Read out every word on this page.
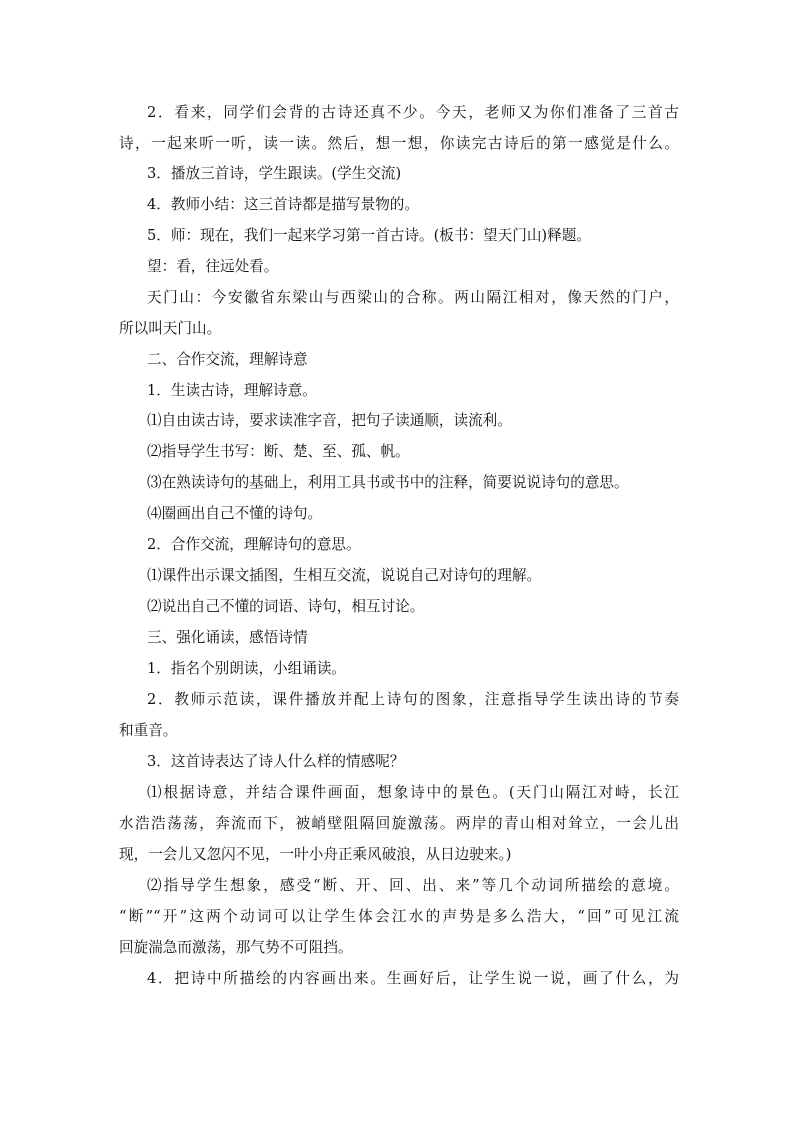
2．看来，同学们会背的古诗还真不少。今天，老师又为你们准备了三首古
诗，一起来听一听，读一读。然后，想一想，你读完古诗后的第一感觉是什么。
3．播放三首诗，学生跟读。(学生交流)
4．教师小结：这三首诗都是描写景物的。
5．师：现在，我们一起来学习第一首古诗。(板书：望天门山)释题。
望：看，往远处看。
天门山：今安徽省东梁山与西梁山的合称。两山隔江相对，像天然的门户，
所以叫天门山。
二、合作交流，理解诗意
1．生读古诗，理解诗意。
⑴自由读古诗，要求读准字音，把句子读通顺，读流利。
⑵指导学生书写：断、楚、至、孤、帆。
⑶在熟读诗句的基础上，利用工具书或书中的注释，简要说说诗句的意思。
⑷圈画出自己不懂的诗句。
2．合作交流，理解诗句的意思。
⑴课件出示课文插图，生相互交流，说说自己对诗句的理解。
⑵说出自己不懂的词语、诗句，相互讨论。
三、强化诵读，感悟诗情
1．指名个别朗读，小组诵读。
2．教师示范读，课件播放并配上诗句的图象，注意指导学生读出诗的节奏
和重音。
3．这首诗表达了诗人什么样的情感呢？
⑴根据诗意，并结合课件画面，想象诗中的景色。(天门山隔江对峙，长江
水浩浩荡荡，奔流而下，被峭壁阻隔回旋激荡。两岸的青山相对耸立，一会儿出
现，一会儿又忽闪不见，一叶小舟正乘风破浪，从日边驶来。)
⑵指导学生想象，感受“断、开、回、出、来”等几个动词所描绘的意境。
“断”“开”这两个动词可以让学生体会江水的声势是多么浩大，“回”可见江流
回旋湍急而激荡，那气势不可阻挡。
4．把诗中所描绘的内容画出来。生画好后，让学生说一说，画了什么，为
